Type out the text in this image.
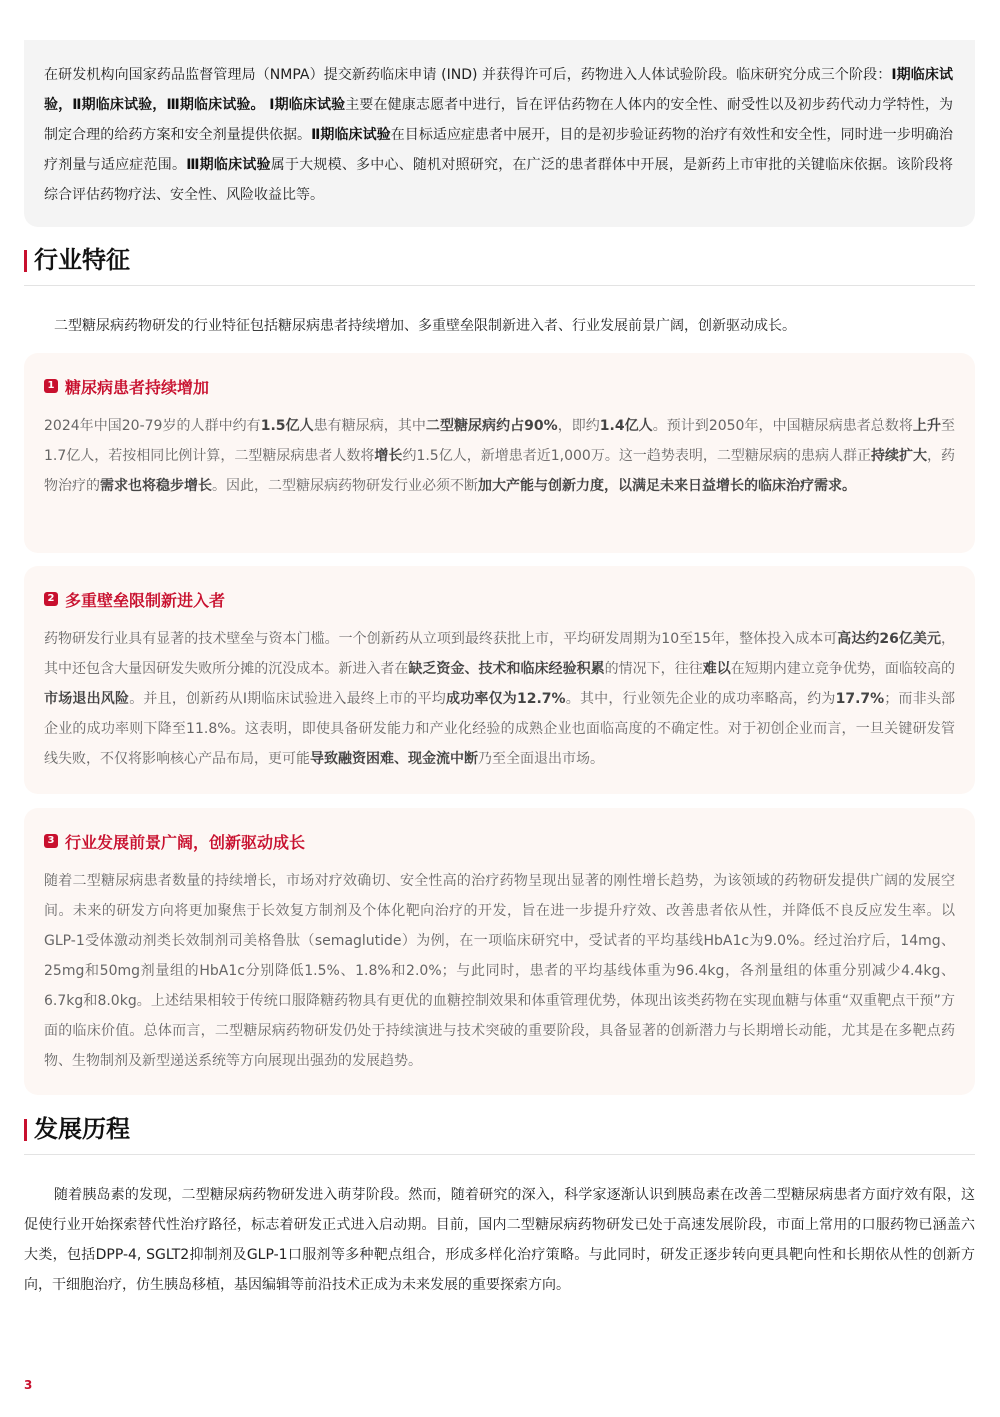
在研发机构向国家药品监督管理局（NMPA）提交新药临床申请 (IND) 并获得许可后，药物进入人体试验阶段。临床研究分成三个阶段：Ⅰ期临床试验，Ⅱ期临床试验，Ⅲ期临床试验。 Ⅰ期临床试验主要在健康志愿者中进行，旨在评估药物在人体内的安全性、耐受性以及初步药代动力学特性，为制定合理的给药方案和安全剂量提供依据。Ⅱ期临床试验在目标适应症患者中展开，目的是初步验证药物的治疗有效性和安全性，同时进一步明确治疗剂量与适应症范围。Ⅲ期临床试验属于大规模、多中心、随机对照研究，在广泛的患者群体中开展，是新药上市审批的关键临床依据。该阶段将综合评估药物疗法、安全性、风险收益比等。
行业特征
二型糖尿病药物研发的行业特征包括糖尿病患者持续增加、多重壁垒限制新进入者、行业发展前景广阔，创新驱动成长。
1 糖尿病患者持续增加
2024年中国20-79岁的人群中约有1.5亿人患有糖尿病，其中二型糖尿病约占90%，即约1.4亿人。预计到2050年，中国糖尿病患者总数将上升至1.7亿人，若按相同比例计算，二型糖尿病患者人数将增长约1.5亿人，新增患者近1,000万。这一趋势表明，二型糖尿病的患病人群正持续扩大，药物治疗的需求也将稳步增长。因此，二型糖尿病药物研发行业必须不断加大产能与创新力度，以满足未来日益增长的临床治疗需求。
2 多重壁垒限制新进入者
药物研发行业具有显著的技术壁垒与资本门槛。一个创新药从立项到最终获批上市，平均研发周期为10至15年，整体投入成本可高达约26亿美元，其中还包含大量因研发失败所分摊的沉没成本。新进入者在缺乏资金、技术和临床经验积累的情况下，往往难以在短期内建立竞争优势，面临较高的市场退出风险。并且，创新药从I期临床试验进入最终上市的平均成功率仅为12.7%。其中，行业领先企业的成功率略高，约为17.7%；而非头部企业的成功率则下降至11.8%。这表明，即使具备研发能力和产业化经验的成熟企业也面临高度的不确定性。对于初创企业而言，一旦关键研发管线失败，不仅将影响核心产品布局，更可能导致融资困难、现金流中断乃至全面退出市场。
3 行业发展前景广阔，创新驱动成长
随着二型糖尿病患者数量的持续增长，市场对疗效确切、安全性高的治疗药物呈现出显著的刚性增长趋势，为该领域的药物研发提供广阔的发展空间。未来的研发方向将更加聚焦于长效复方制剂及个体化靶向治疗的开发，旨在进一步提升疗效、改善患者依从性，并降低不良反应发生率。以GLP-1受体激动剂类长效制剂司美格鲁肽（semaglutide）为例，在一项临床研究中，受试者的平均基线HbA1c为9.0%。经过治疗后，14mg、25mg和50mg剂量组的HbA1c分别降低1.5%、1.8%和2.0%；与此同时，患者的平均基线体重为96.4kg，各剂量组的体重分别减少4.4kg、6.7kg和8.0kg。上述结果相较于传统口服降糖药物具有更优的血糖控制效果和体重管理优势，体现出该类药物在实现血糖与体重“双重靶点干预”方面的临床价值。总体而言，二型糖尿病药物研发仍处于持续演进与技术突破的重要阶段，具备显著的创新潜力与长期增长动能，尤其是在多靶点药物、生物制剂及新型递送系统等方向展现出强劲的发展趋势。
发展历程
随着胰岛素的发现，二型糖尿病药物研发进入萌芽阶段。然而，随着研究的深入，科学家逐渐认识到胰岛素在改善二型糖尿病患者方面疗效有限，这促使行业开始探索替代性治疗路径，标志着研发正式进入启动期。目前，国内二型糖尿病药物研发已处于高速发展阶段，市面上常用的口服药物已涵盖六大类，包括DPP-4, SGLT2抑制剂及GLP-1口服剂等多种靶点组合，形成多样化治疗策略。与此同时，研发正逐步转向更具靶向性和长期依从性的创新方向，干细胞治疗，仿生胰岛移植，基因编辑等前沿技术正成为未来发展的重要探索方向。
3
